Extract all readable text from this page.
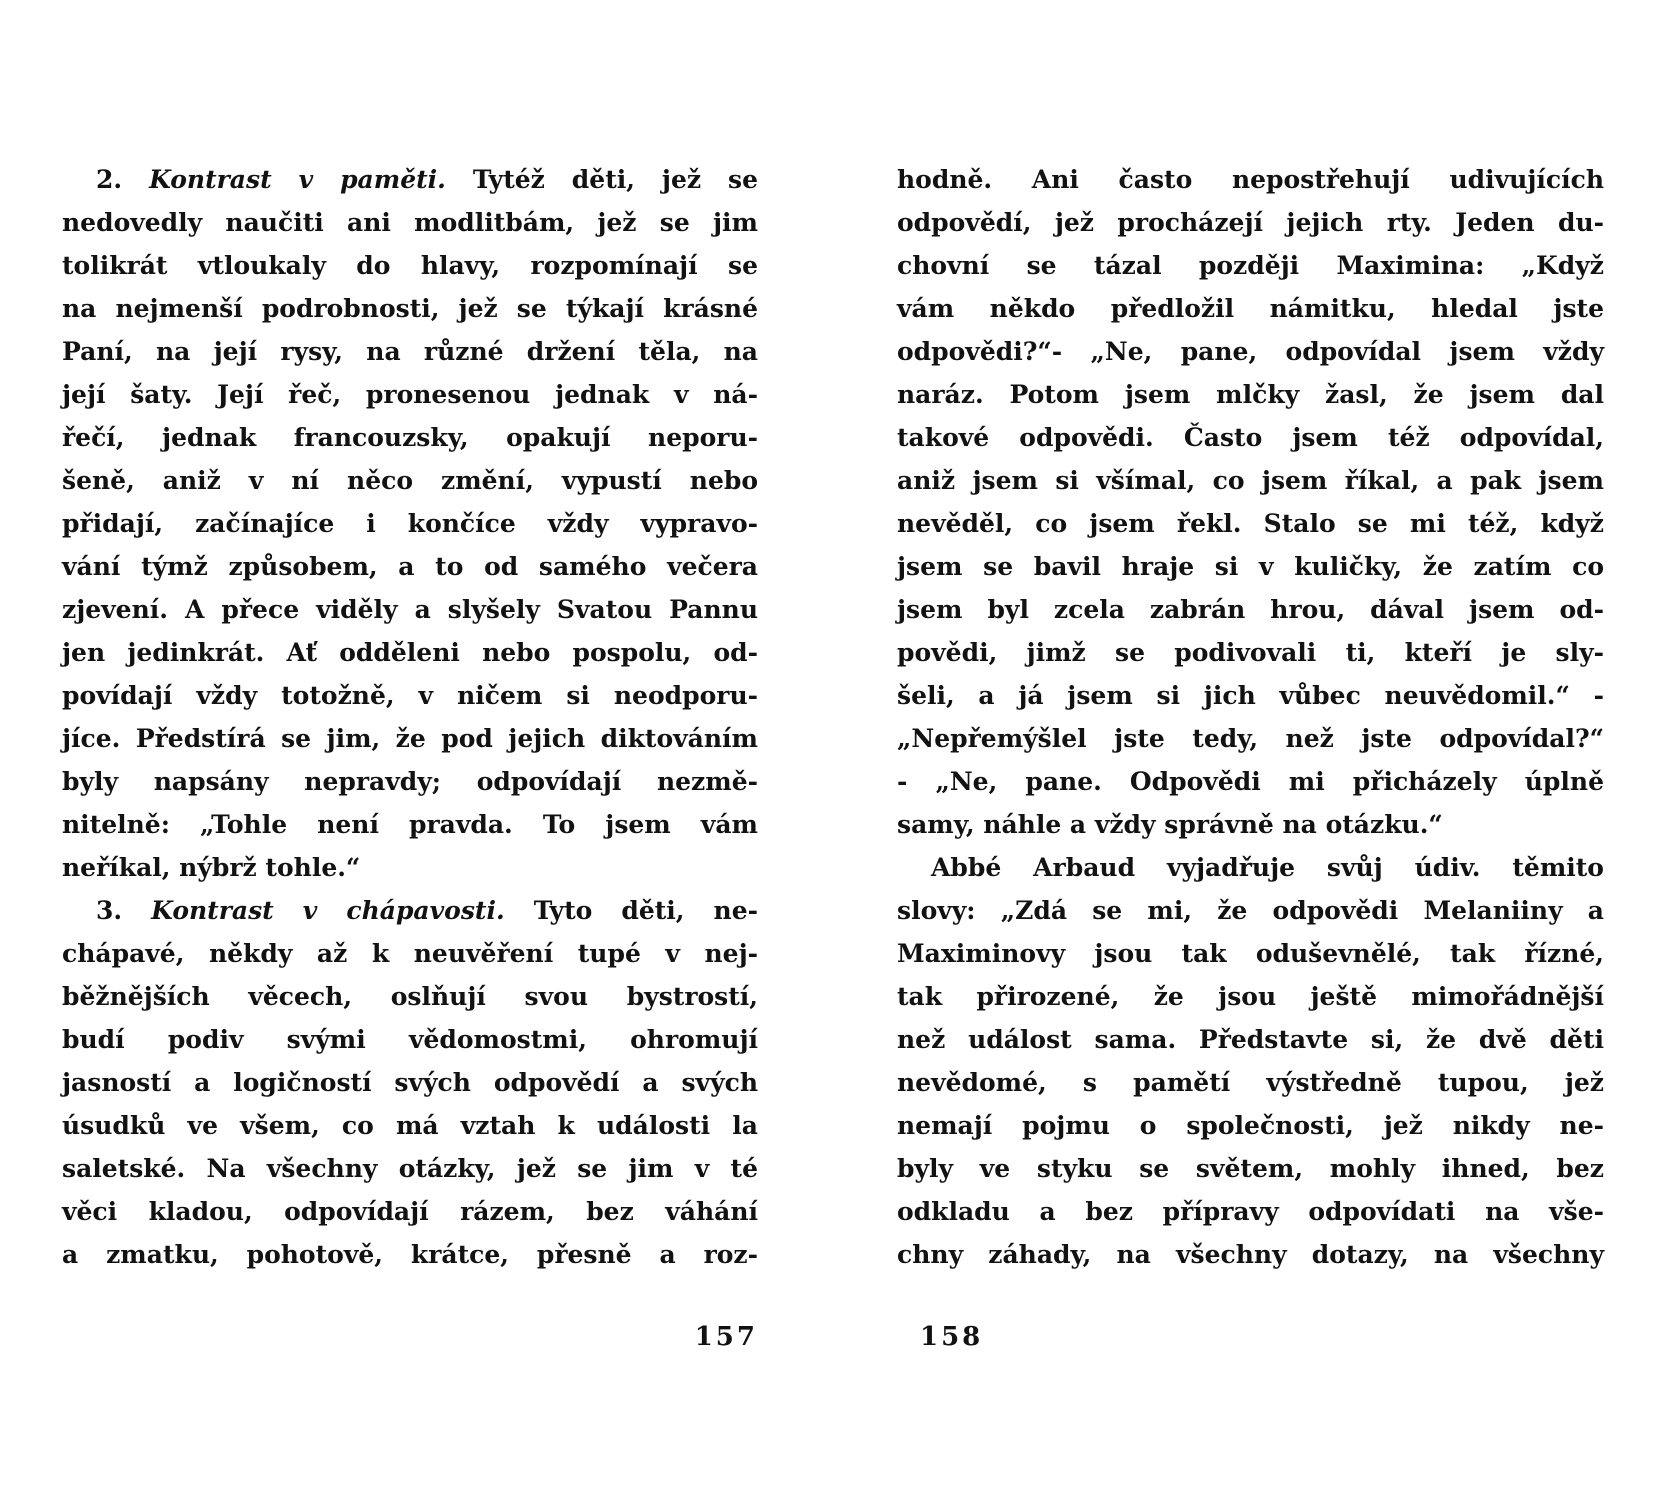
2. Kontrast v paměti. Tytéž děti, jež se
nedovedly naučiti ani modlitbám, jež se jim
tolikrát vtloukaly do hlavy, rozpomínají se
na nejmenší podrobnosti, jež se týkají krásné
Paní, na její rysy, na různé držení těla, na
její šaty. Její řeč, pronesenou jednak v ná-
řečí, jednak francouzsky, opakují neporu-
šeně, aniž v ní něco změní, vypustí nebo
přidají, začínajíce i končíce vždy vypravo-
vání týmž způsobem, a to od samého večera
zjevení. A přece viděly a slyšely Svatou Pannu
jen jedinkrát. Ať odděleni nebo pospolu, od-
povídají vždy totožně, v ničem si neodporu-
jíce. Předstírá se jim, že pod jejich diktováním
byly napsány nepravdy; odpovídají nezmě-
nitelně: „Tohle není pravda. To jsem vám
neříkal, nýbrž tohle.“
3. Kontrast v chápavosti. Tyto děti, ne-
chápavé, někdy až k neuvěření tupé v nej-
běžnějších věcech, oslňují svou bystrostí,
budí podiv svými vědomostmi, ohromují
jasností a logičností svých odpovědí a svých
úsudků ve všem, co má vztah k události la
saletské. Na všechny otázky, jež se jim v té
věci kladou, odpovídají rázem, bez váhání
a zmatku, pohotově, krátce, přesně a roz-
hodně. Ani často nepostřehují udivujících
odpovědí, jež procházejí jejich rty. Jeden du-
chovní se tázal později Maximina: „Když
vám někdo předložil námitku, hledal jste
odpovědi?“- „Ne, pane, odpovídal jsem vždy
naráz. Potom jsem mlčky žasl, že jsem dal
takové odpovědi. Často jsem též odpovídal,
aniž jsem si všímal, co jsem říkal, a pak jsem
nevěděl, co jsem řekl. Stalo se mi též, když
jsem se bavil hraje si v kuličky, že zatím co
jsem byl zcela zabrán hrou, dával jsem od-
povědi, jimž se podivovali ti, kteří je sly-
šeli, a já jsem si jich vůbec neuvědomil.“ -
„Nepřemýšlel jste tedy, než jste odpovídal?“
- „Ne, pane. Odpovědi mi přicházely úplně
samy, náhle a vždy správně na otázku.“
Abbé Arbaud vyjadřuje svůj údiv. těmito
slovy: „Zdá se mi, že odpovědi Melaniiny a
Maximinovy jsou tak oduševnělé, tak řízné,
tak přirozené, že jsou ještě mimořádnější
než událost sama. Představte si, že dvě děti
nevědomé, s pamětí výstředně tupou, jež
nemají pojmu o společnosti, jež nikdy ne-
byly ve styku se světem, mohly ihned, bez
odkladu a bez přípravy odpovídati na vše-
chny záhady, na všechny dotazy, na všechny
157	158
